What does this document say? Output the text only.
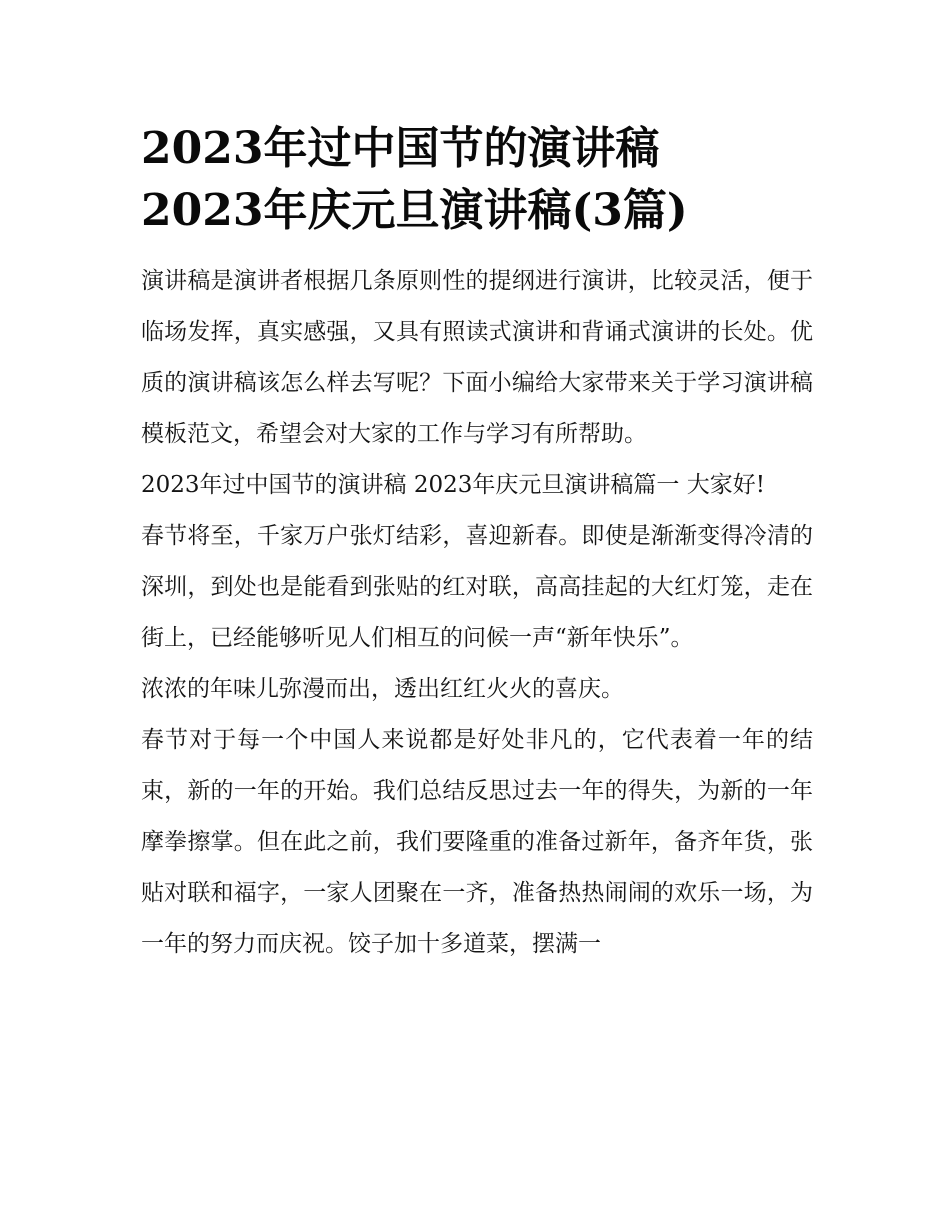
2023年过中国节的演讲稿
2023年庆元旦演讲稿(3篇)

演讲稿是演讲者根据几条原则性的提纲进行演讲，比较灵活，便于临场发挥，真实感强，又具有照读式演讲和背诵式演讲的长处。优质的演讲稿该怎么样去写呢？下面小编给大家带来关于学习演讲稿模板范文，希望会对大家的工作与学习有所帮助。

2023年过中国节的演讲稿 2023年庆元旦演讲稿篇一 大家好!

春节将至，千家万户张灯结彩，喜迎新春。即使是渐渐变得冷清的深圳，到处也是能看到张贴的红对联，高高挂起的大红灯笼，走在街上，已经能够听见人们相互的问候一声“新年快乐”。

浓浓的年味儿弥漫而出，透出红红火火的喜庆。

春节对于每一个中国人来说都是好处非凡的，它代表着一年的结束，新的一年的开始。我们总结反思过去一年的得失，为新的一年摩拳擦掌。但在此之前，我们要隆重的准备过新年，备齐年货，张贴对联和福字，一家人团聚在一齐，准备热热闹闹的欢乐一场，为一年的努力而庆祝。饺子加十多道菜，摆满一
